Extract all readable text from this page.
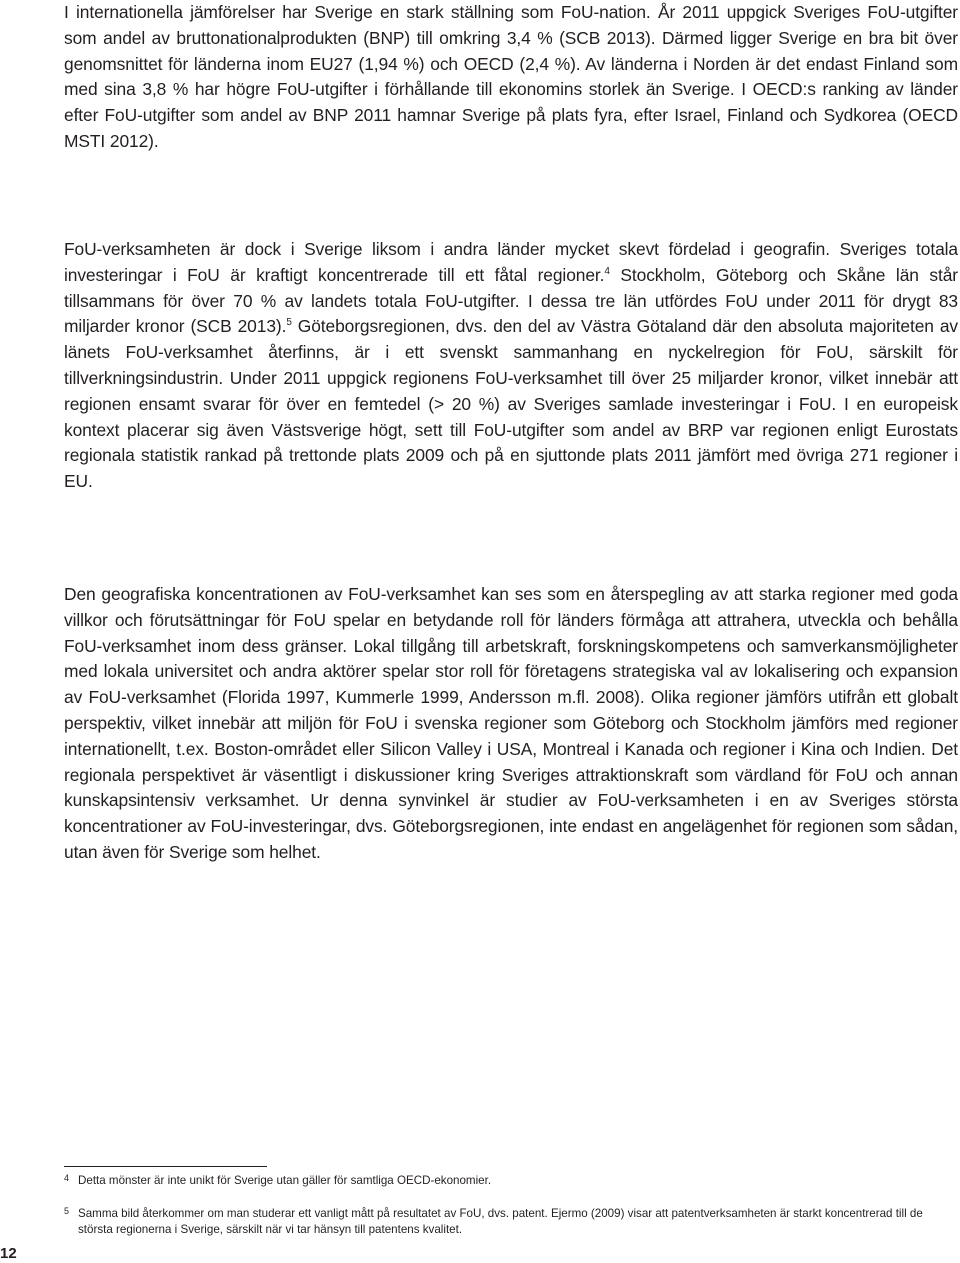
I internationella jämförelser har Sverige en stark ställning som FoU-nation. År 2011 uppgick Sveriges FoU-utgifter som andel av bruttonationalprodukten (BNP) till omkring 3,4 % (SCB 2013). Därmed ligger Sverige en bra bit över genomsnittet för länderna inom EU27 (1,94 %) och OECD (2,4 %). Av länderna i Norden är det endast Finland som med sina 3,8 % har högre FoU-utgifter i förhållande till ekonomins storlek än Sverige. I OECD:s ranking av länder efter FoU-utgifter som andel av BNP 2011 hamnar Sverige på plats fyra, efter Israel, Finland och Sydkorea (OECD MSTI 2012).

FoU-verksamheten är dock i Sverige liksom i andra länder mycket skevt fördelad i geografin. Sveriges totala investeringar i FoU är kraftigt koncentrerade till ett fåtal regioner.$^4$ Stockholm, Göteborg och Skåne län står tillsammans för över 70 % av landets totala FoU-utgifter. I dessa tre län utfördes FoU under 2011 för drygt 83 miljarder kronor (SCB 2013).$^5$ Göteborgsregionen, dvs. den del av Västra Götaland där den absoluta majoriteten av länets FoU-verksamhet återfinns, är i ett svenskt sammanhang en nyckelregion för FoU, särskilt för tillverkningsindustrin. Under 2011 uppgick regionens FoU-verksamhet till över 25 miljarder kronor, vilket innebär att regionen ensamt svarar för över en femtedel (> 20 %) av Sveriges samlade investeringar i FoU. I en europeisk kontext placerar sig även Västsverige högt, sett till FoU-utgifter som andel av BRP var regionen enligt Eurostats regionala statistik rankad på trettonde plats 2009 och på en sjuttonde plats 2011 jämfört med övriga 271 regioner i EU.

Den geografiska koncentrationen av FoU-verksamhet kan ses som en återspegling av att starka regioner med goda villkor och förutsättningar för FoU spelar en betydande roll för länders förmåga att attrahera, utveckla och behålla FoU-verksamhet inom dess gränser. Lokal tillgång till arbetskraft, forskningskompetens och samverkansmöjligheter med lokala universitet och andra aktörer spelar stor roll för företagens strategiska val av lokalisering och expansion av FoU-verksamhet (Florida 1997, Kummerle 1999, Andersson m.fl. 2008). Olika regioner jämförs utifrån ett globalt perspektiv, vilket innebär att miljön för FoU i svenska regioner som Göteborg och Stockholm jämförs med regioner internationellt, t.ex. Boston-området eller Silicon Valley i USA, Montreal i Kanada och regioner i Kina och Indien. Det regionala perspektivet är väsentligt i diskussioner kring Sveriges attraktionskraft som värdland för FoU och annan kunskapsintensiv verksamhet. Ur denna synvinkel är studier av FoU-verksamheten i en av Sveriges största koncentrationer av FoU-investeringar, dvs. Göteborgsregionen, inte endast en angelägenhet för regionen som sådan, utan även för Sverige som helhet.

4 Detta mönster är inte unikt för Sverige utan gäller för samtliga OECD-ekonomier.
5 Samma bild återkommer om man studerar ett vanligt mått på resultatet av FoU, dvs. patent. Ejermo (2009) visar att patentverksamheten är starkt koncentrerad till de största regionerna i Sverige, särskilt när vi tar hänsyn till patentens kvalitet.
12
